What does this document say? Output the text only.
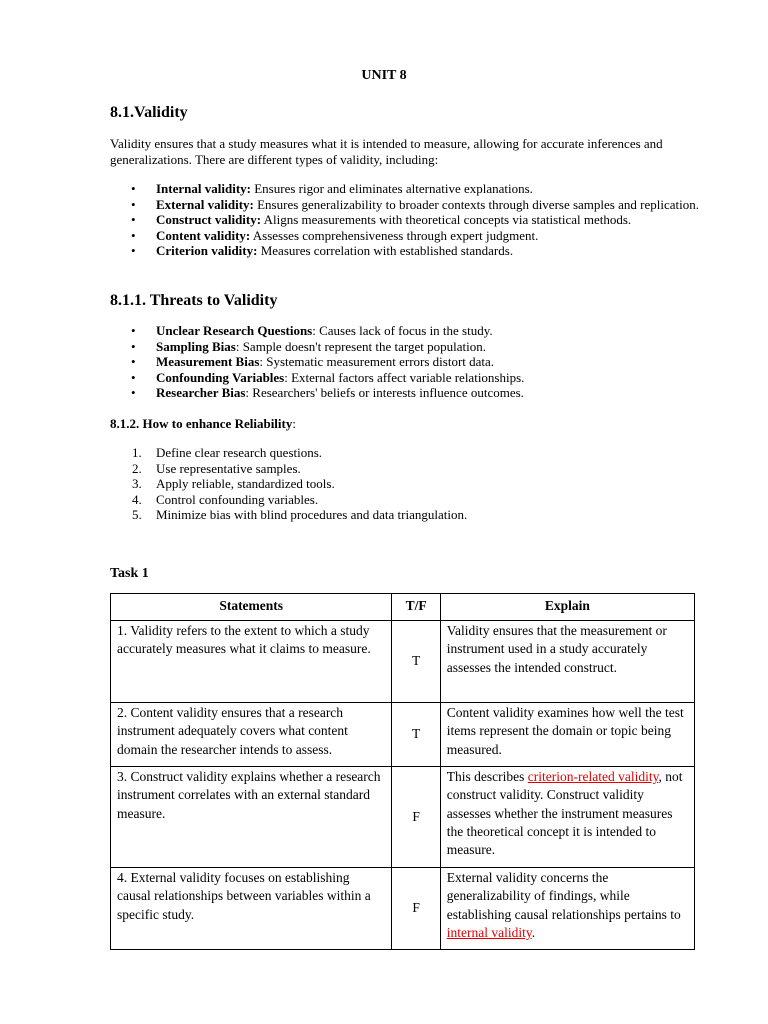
UNIT 8
8.1.Validity
Validity ensures that a study measures what it is intended to measure, allowing for accurate inferences and generalizations. There are different types of validity, including:
• Internal validity: Ensures rigor and eliminates alternative explanations.
• External validity: Ensures generalizability to broader contexts through diverse samples and replication.
• Construct validity: Aligns measurements with theoretical concepts via statistical methods.
• Content validity: Assesses comprehensiveness through expert judgment.
• Criterion validity: Measures correlation with established standards.
8.1.1. Threats to Validity
• Unclear Research Questions: Causes lack of focus in the study.
• Sampling Bias: Sample doesn't represent the target population.
• Measurement Bias: Systematic measurement errors distort data.
• Confounding Variables: External factors affect variable relationships.
• Researcher Bias: Researchers' beliefs or interests influence outcomes.
8.1.2. How to enhance Reliability:
1. Define clear research questions.
2. Use representative samples.
3. Apply reliable, standardized tools.
4. Control confounding variables.
5. Minimize bias with blind procedures and data triangulation.
Task 1
Statements	T/F	Explain
1. Validity refers to the extent to which a study accurately measures what it claims to measure.	T	Validity ensures that the measurement or instrument used in a study accurately assesses the intended construct.
2. Content validity ensures that a research instrument adequately covers what content domain the researcher intends to assess.	T	Content validity examines how well the test items represent the domain or topic being measured.
3. Construct validity explains whether a research instrument correlates with an external standard measure.	F	This describes criterion-related validity, not construct validity. Construct validity assesses whether the instrument measures the theoretical concept it is intended to measure.
4. External validity focuses on establishing causal relationships between variables within a specific study.	F	External validity concerns the generalizability of findings, while establishing causal relationships pertains to internal validity.
